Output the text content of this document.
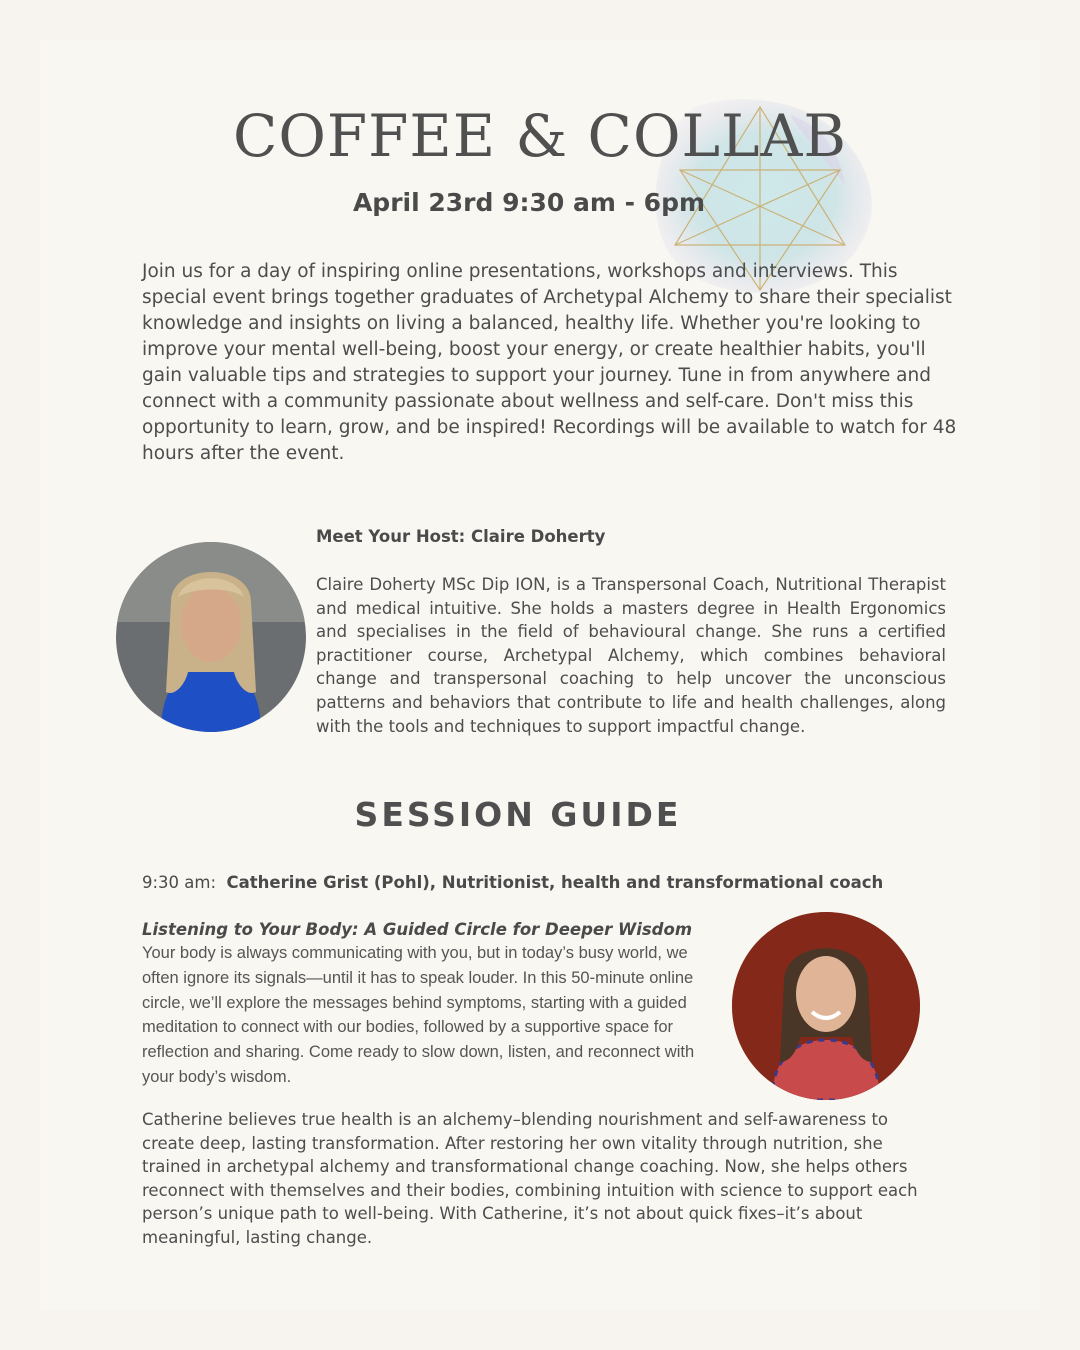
COFFEE & COLLAB
April 23rd 9:30 am - 6pm

Join us for a day of inspiring online presentations, workshops and interviews. This special event brings together graduates of Archetypal Alchemy to share their specialist knowledge and insights on living a balanced, healthy life. Whether you're looking to improve your mental well-being, boost your energy, or create healthier habits, you'll gain valuable tips and strategies to support your journey. Tune in from anywhere and connect with a community passionate about wellness and self-care. Don't miss this opportunity to learn, grow, and be inspired! Recordings will be available to watch for 48 hours after the event.

Meet Your Host: Claire Doherty

Claire Doherty MSc Dip ION, is a Transpersonal Coach, Nutritional Therapist and medical intuitive. She holds a masters degree in Health Ergonomics and specialises in the field of behavioural change. She runs a certified practitioner course, Archetypal Alchemy, which combines behavioral change and transpersonal coaching to help uncover the unconscious patterns and behaviors that contribute to life and health challenges, along with the tools and techniques to support impactful change.

SESSION GUIDE

9:30 am: Catherine Grist (Pohl), Nutritionist, health and transformational coach

Listening to Your Body: A Guided Circle for Deeper Wisdom

Your body is always communicating with you, but in today’s busy world, we often ignore its signals—until it has to speak louder. In this 50-minute online circle, we’ll explore the messages behind symptoms, starting with a guided meditation to connect with our bodies, followed by a supportive space for reflection and sharing. Come ready to slow down, listen, and reconnect with your body’s wisdom.

Catherine believes true health is an alchemy–blending nourishment and self-awareness to create deep, lasting transformation. After restoring her own vitality through nutrition, she trained in archetypal alchemy and transformational change coaching. Now, she helps others reconnect with themselves and their bodies, combining intuition with science to support each person’s unique path to well-being. With Catherine, it’s not about quick fixes–it’s about meaningful, lasting change.
